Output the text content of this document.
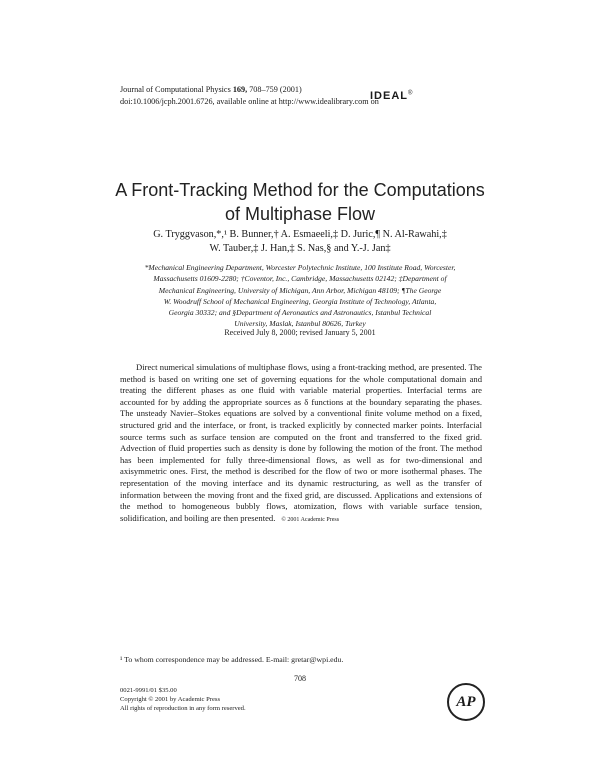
Journal of Computational Physics 169, 708–759 (2001)
doi:10.1006/jcph.2001.6726, available online at http://www.idealibrary.com on
IDEAL®
A Front-Tracking Method for the Computations
of Multiphase Flow
G. Tryggvason,*,¹ B. Bunner,† A. Esmaeeli,‡ D. Juric,¶ N. Al-Rawahi,‡
W. Tauber,‡ J. Han,‡ S. Nas,§ and Y.-J. Jan‡
*Mechanical Engineering Department, Worcester Polytechnic Institute, 100 Institute Road, Worcester,
Massachusetts 01609-2280; †Coventor, Inc., Cambridge, Massachusetts 02142; ‡Department of
Mechanical Engineering, University of Michigan, Ann Arbor, Michigan 48109; ¶The George
W. Woodruff School of Mechanical Engineering, Georgia Institute of Technology, Atlanta,
Georgia 30332; and §Department of Aeronautics and Astronautics, Istanbul Technical
University, Maslak, Istanbul 80626, Turkey
Received July 8, 2000; revised January 5, 2001

Direct numerical simulations of multiphase flows, using a front-tracking method, are presented. The method is based on writing one set of governing equations for the whole computational domain and treating the different phases as one fluid with variable material properties. Interfacial terms are accounted for by adding the appropriate sources as δ functions at the boundary separating the phases. The unsteady Navier–Stokes equations are solved by a conventional finite volume method on a fixed, structured grid and the interface, or front, is tracked explicitly by connected marker points. Interfacial source terms such as surface tension are computed on the front and transferred to the fixed grid. Advection of fluid properties such as density is done by following the motion of the front. The method has been implemented for fully three-dimensional flows, as well as for two-dimensional and axisymmetric ones. First, the method is described for the flow of two or more isothermal phases. The representation of the moving interface and its dynamic restructuring, as well as the transfer of information between the moving front and the fixed grid, are discussed. Applications and extensions of the method to homogeneous bubbly flows, atomization, flows with variable surface tension, solidification, and boiling are then presented. © 2001 Academic Press

¹ To whom correspondence may be addressed. E-mail: gretar@wpi.edu.
708
0021-9991/01 $35.00
Copyright © 2001 by Academic Press
All rights of reproduction in any form reserved.	AP
